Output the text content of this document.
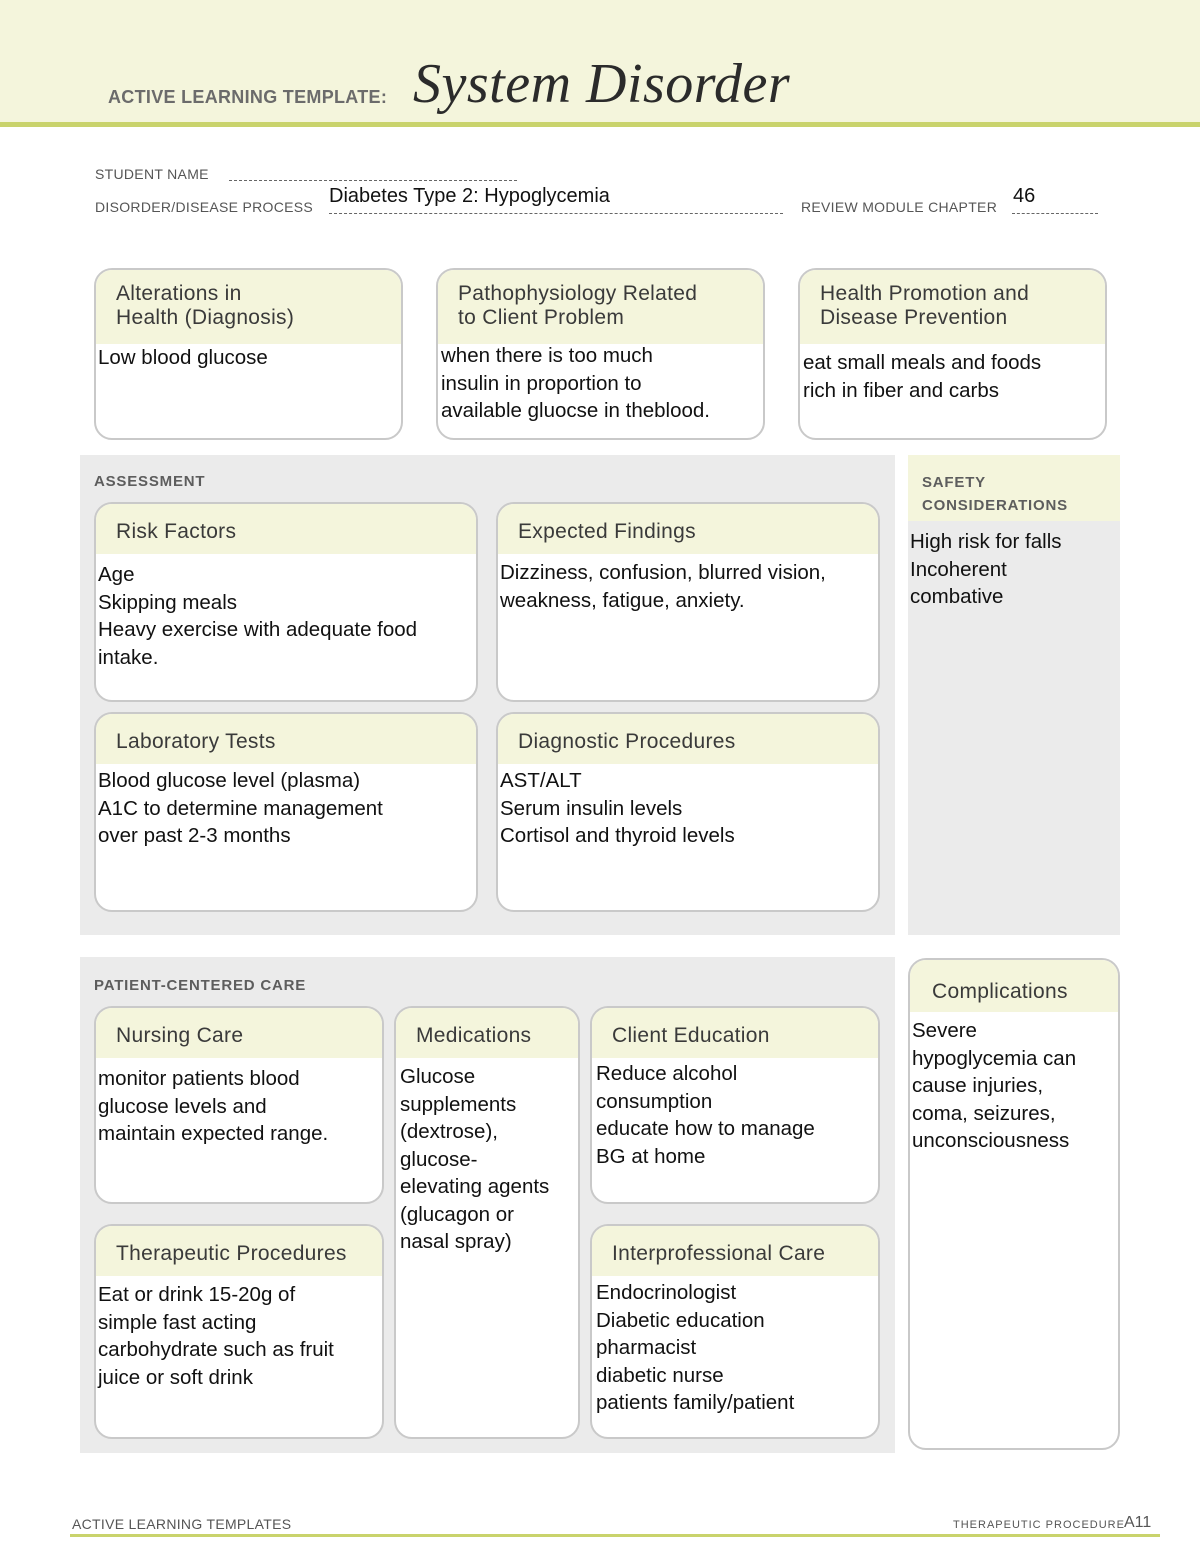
ACTIVE LEARNING TEMPLATE: System Disorder
STUDENT NAME
DISORDER/DISEASE PROCESS Diabetes Type 2: Hypoglycemia	REVIEW MODULE CHAPTER 46
Alterations in
Health (Diagnosis)
Low blood glucose
Pathophysiology Related
to Client Problem
when there is too much
insulin in proportion to
available gluocse in theblood.
Health Promotion and
Disease Prevention
eat small meals and foods
rich in fiber and carbs
ASSESSMENT
Risk Factors
Age
Skipping meals
Heavy exercise with adequate food
intake.
Expected Findings
Dizziness, confusion, blurred vision,
weakness, fatigue, anxiety.
Laboratory Tests
Blood glucose level (plasma)
A1C to determine management
over past 2-3 months
Diagnostic Procedures
AST/ALT
Serum insulin levels
Cortisol and thyroid levels
SAFETY
CONSIDERATIONS
High risk for falls
Incoherent
combative
PATIENT-CENTERED CARE
Nursing Care
monitor patients blood
glucose levels and
maintain expected range.
Medications
Glucose
supplements
(dextrose),
glucose-
elevating agents
(glucagon or
nasal spray)
Client Education
Reduce alcohol
consumption
educate how to manage
BG at home
Therapeutic Procedures
Eat or drink 15-20g of
simple fast acting
carbohydrate such as fruit
juice or soft drink
Interprofessional Care
Endocrinologist
Diabetic education
pharmacist
diabetic nurse
patients family/patient
Complications
Severe
hypoglycemia can
cause injuries,
coma, seizures,
unconsciousness
ACTIVE LEARNING TEMPLATES	THERAPEUTIC PROCEDURE A11
